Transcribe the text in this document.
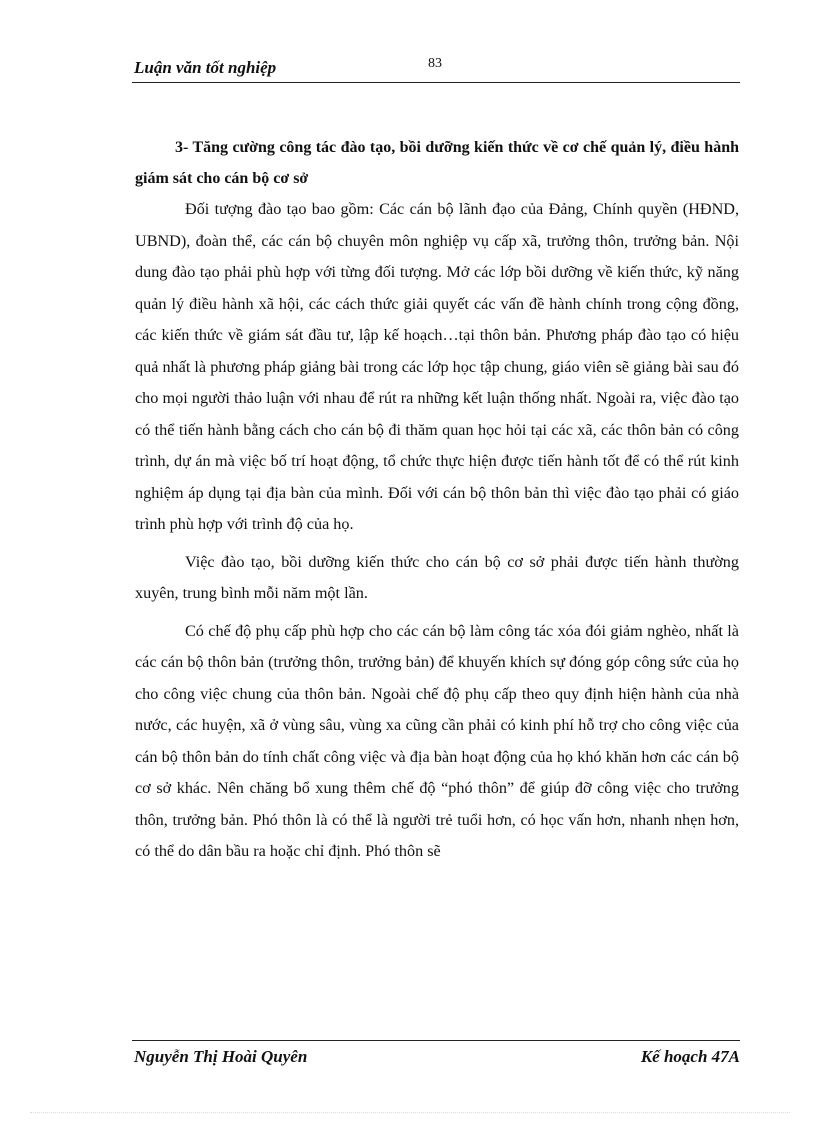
Luận văn tốt nghiệp	83

3- Tăng cường công tác đào tạo, bồi dưỡng kiến thức về cơ chế quản lý, điều hành giám sát cho cán bộ cơ sở

Đối tượng đào tạo bao gồm: Các cán bộ lãnh đạo của Đảng, Chính quyền (HĐND, UBND), đoàn thể, các cán bộ chuyên môn nghiệp vụ cấp xã, trưởng thôn, trưởng bản. Nội dung đào tạo phải phù hợp với từng đối tượng. Mở các lớp bồi dưỡng về kiến thức, kỹ năng quản lý điều hành xã hội, các cách thức giải quyết các vấn đề hành chính trong cộng đồng, các kiến thức về giám sát đầu tư, lập kế hoạch…tại thôn bản. Phương pháp đào tạo có hiệu quả nhất là phương pháp giảng bài trong các lớp học tập chung, giáo viên sẽ giảng bài sau đó cho mọi người thảo luận với nhau để rút ra những kết luận thống nhất. Ngoài ra, việc đào tạo có thể tiến hành bằng cách cho cán bộ đi thăm quan học hỏi tại các xã, các thôn bản có công trình, dự án mà việc bố trí hoạt động, tổ chức thực hiện được tiến hành tốt để có thể rút kinh nghiệm áp dụng tại địa bàn của mình. Đối với cán bộ thôn bản thì việc đào tạo phải có giáo trình phù hợp với trình độ của họ.

Việc đào tạo, bồi dưỡng kiến thức cho cán bộ cơ sở phải được tiến hành thường xuyên, trung bình mỗi năm một lần.

Có chế độ phụ cấp phù hợp cho các cán bộ làm công tác xóa đói giảm nghèo, nhất là các cán bộ thôn bản (trưởng thôn, trưởng bản) để khuyến khích sự đóng góp công sức của họ cho công việc chung của thôn bản. Ngoài chế độ phụ cấp theo quy định hiện hành của nhà nước, các huyện, xã ở vùng sâu, vùng xa cũng cần phải có kinh phí hỗ trợ cho công việc của cán bộ thôn bản do tính chất công việc và địa bàn hoạt động của họ khó khăn hơn các cán bộ cơ sở khác. Nên chăng bổ xung thêm chế độ “phó thôn” để giúp đỡ công việc cho trưởng thôn, trưởng bản. Phó thôn là có thể là người trẻ tuổi hơn, có học vấn hơn, nhanh nhẹn hơn, có thể do dân bầu ra hoặc chỉ định. Phó thôn sẽ

Nguyễn Thị Hoài Quyên	Kế hoạch 47A
